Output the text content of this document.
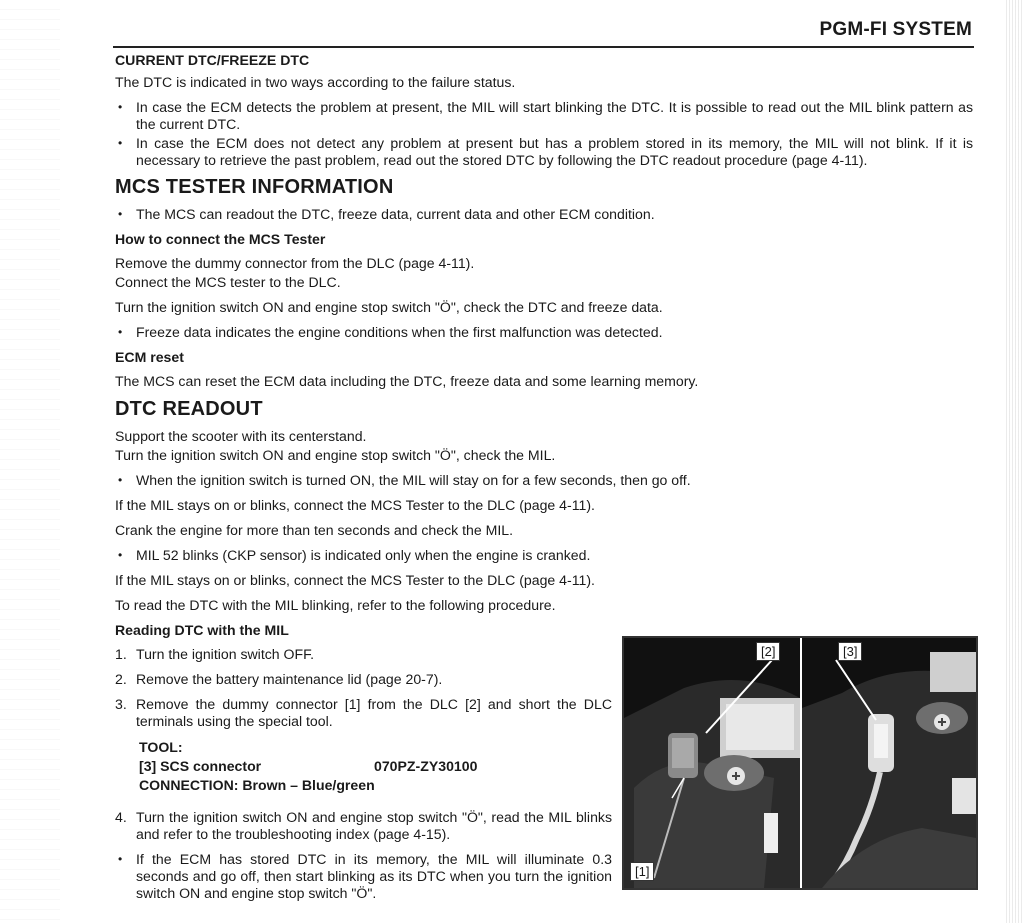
PGM-FI SYSTEM
CURRENT DTC/FREEZE DTC
The DTC is indicated in two ways according to the failure status.
• In case the ECM detects the problem at present, the MIL will start blinking the DTC. It is possible to read out the MIL blink pattern as the current DTC.
• In case the ECM does not detect any problem at present but has a problem stored in its memory, the MIL will not blink. If it is necessary to retrieve the past problem, read out the stored DTC by following the DTC readout procedure (page 4-11).
MCS TESTER INFORMATION
• The MCS can readout the DTC, freeze data, current data and other ECM condition.
How to connect the MCS Tester
Remove the dummy connector from the DLC (page 4-11).
Connect the MCS tester to the DLC.
Turn the ignition switch ON and engine stop switch "Ö", check the DTC and freeze data.
• Freeze data indicates the engine conditions when the first malfunction was detected.
ECM reset
The MCS can reset the ECM data including the DTC, freeze data and some learning memory.
DTC READOUT
Support the scooter with its centerstand.
Turn the ignition switch ON and engine stop switch "Ö", check the MIL.
• When the ignition switch is turned ON, the MIL will stay on for a few seconds, then go off.
If the MIL stays on or blinks, connect the MCS Tester to the DLC (page 4-11).
Crank the engine for more than ten seconds and check the MIL.
• MIL 52 blinks (CKP sensor) is indicated only when the engine is cranked.
If the MIL stays on or blinks, connect the MCS Tester to the DLC (page 4-11).
To read the DTC with the MIL blinking, refer to the following procedure.
Reading DTC with the MIL
1. Turn the ignition switch OFF.
2. Remove the battery maintenance lid (page 20-7).
3. Remove the dummy connector [1] from the DLC [2] and short the DLC terminals using the special tool.
TOOL:
[3] SCS connector	070PZ-ZY30100
CONNECTION: Brown – Blue/green
4. Turn the ignition switch ON and engine stop switch "Ö", read the MIL blinks and refer to the troubleshooting index (page 4-15).
• If the ECM has stored DTC in its memory, the MIL will illuminate 0.3 seconds and go off, then start blinking as its DTC when you turn the ignition switch ON and engine stop switch "Ö".
[2]	[3]
[1]
